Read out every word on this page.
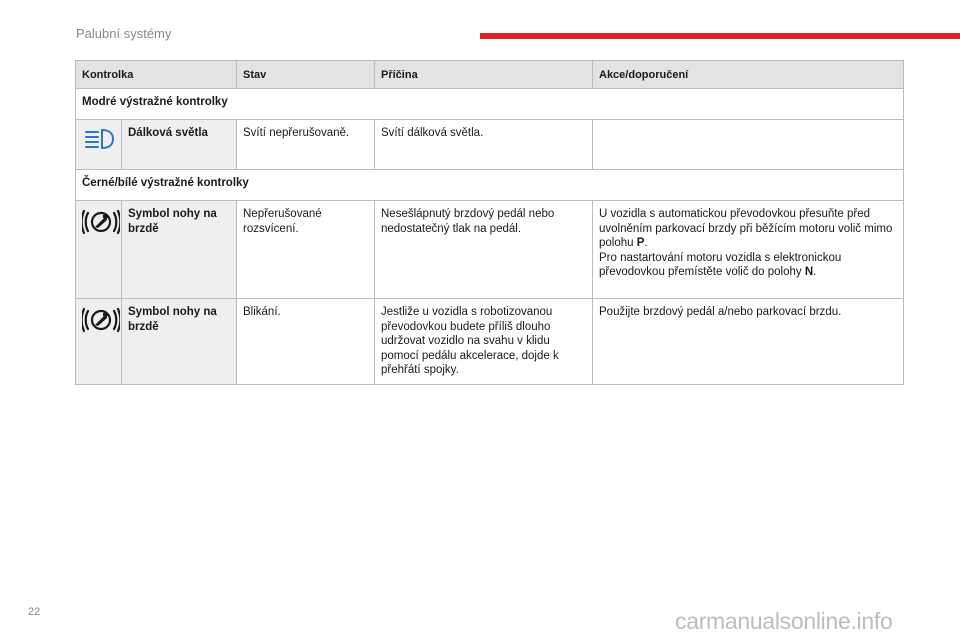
Palubní systémy
Kontrolka		Stav	Příčina	Akce/doporučení
Modré výstražné kontrolky				
	Dálková světla	Svítí nepřerušovaně.	Svítí dálková světla.	
Černé/bílé výstražné kontrolky				
	Symbol nohy na brzdě	Nepřerušované rozsvícení.	Nesešlápnutý brzdový pedál nebo nedostatečný tlak na pedál.	U vozidla s automatickou převodovkou přesuňte před uvolněním parkovací brzdy při běžícím motoru volič mimo polohu P.
Pro nastartování motoru vozidla s elektronickou převodovkou přemístěte volič do polohy N.
	Symbol nohy na brzdě	Blikání.	Jestliže u vozidla s robotizovanou převodovkou budete příliš dlouho udržovat vozidlo na svahu v klidu pomocí pedálu akcelerace, dojde k přehřátí spojky.	Použijte brzdový pedál a/nebo parkovací brzdu.
22	carmanualsonline.info
